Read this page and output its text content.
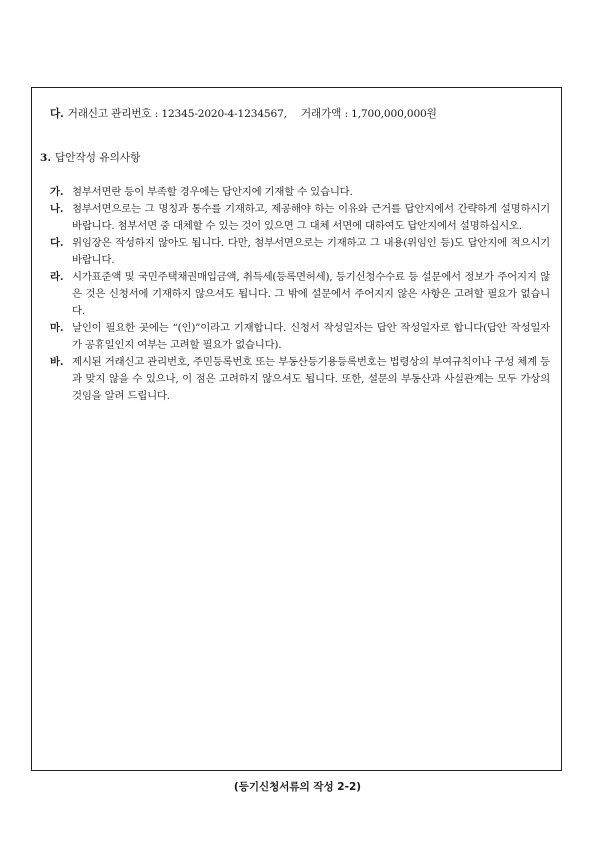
다. 거래신고 관리번호 : 12345-2020-4-1234567, 거래가액 : 1,700,000,000원
3. 답안작성 유의사항
가. 첨부서면란 등이 부족할 경우에는 답안지에 기재할 수 있습니다.
나. 첨부서면으로는 그 명칭과 통수를 기재하고, 제공해야 하는 이유와 근거를 답안지에서 간략하게 설명하시기 바랍니다. 첨부서면 중 대체할 수 있는 것이 있으면 그 대체 서면에 대하여도 답안지에서 설명하십시오.
다. 위임장은 작성하지 않아도 됩니다. 다만, 첨부서면으로는 기재하고 그 내용(위임인 등)도 답안지에 적으시기 바랍니다.
라. 시가표준액 및 국민주택채권매입금액, 취득세(등록면허세), 등기신청수수료 등 설문에서 정보가 주어지지 않은 것은 신청서에 기재하지 않으셔도 됩니다. 그 밖에 설문에서 주어지지 않은 사항은 고려할 필요가 없습니다.
마. 날인이 필요한 곳에는 “(인)”이라고 기재합니다. 신청서 작성일자는 답안 작성일자로 합니다(답안 작성일자가 공휴일인지 여부는 고려할 필요가 없습니다).
바. 제시된 거래신고 관리번호, 주민등록번호 또는 부동산등기용등록번호는 법령상의 부여규칙이나 구성 체계 등과 맞지 않을 수 있으나, 이 점은 고려하지 않으셔도 됩니다. 또한, 설문의 부동산과 사실관계는 모두 가상의 것임을 알려 드립니다.
(등기신청서류의 작성 2-2)
